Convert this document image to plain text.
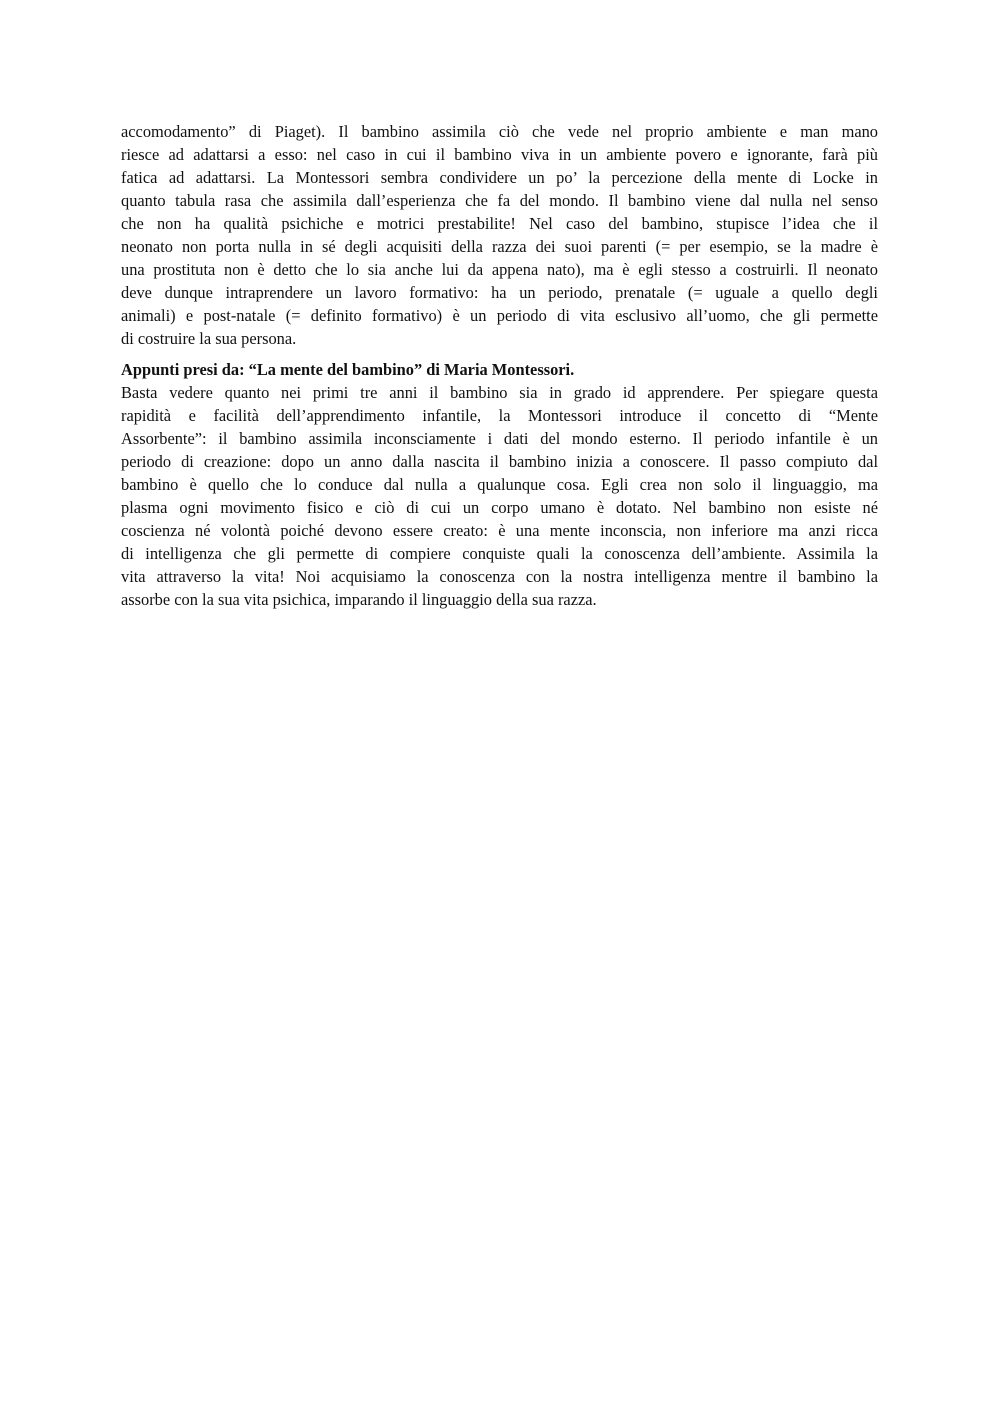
accomodamento” di Piaget). Il bambino assimila ciò che vede nel proprio ambiente e man mano
riesce ad adattarsi a esso: nel caso in cui il bambino viva in un ambiente povero e ignorante, farà più
fatica ad adattarsi. La Montessori sembra condividere un po’ la percezione della mente di Locke in
quanto tabula rasa che assimila dall’esperienza che fa del mondo. Il bambino viene dal nulla nel senso
che non ha qualità psichiche e motrici prestabilite! Nel caso del bambino, stupisce l’idea che il
neonato non porta nulla in sé degli acquisiti della razza dei suoi parenti (= per esempio, se la madre è
una prostituta non è detto che lo sia anche lui da appena nato), ma è egli stesso a costruirli. Il neonato
deve dunque intraprendere un lavoro formativo: ha un periodo, prenatale (= uguale a quello degli
animali) e post-natale (= definito formativo) è un periodo di vita esclusivo all’uomo, che gli permette
di costruire la sua persona.
Appunti presi da: “La mente del bambino” di Maria Montessori.
Basta vedere quanto nei primi tre anni il bambino sia in grado id apprendere. Per spiegare questa
rapidità e facilità dell’apprendimento infantile, la Montessori introduce il concetto di “Mente
Assorbente”: il bambino assimila inconsciamente i dati del mondo esterno. Il periodo infantile è un
periodo di creazione: dopo un anno dalla nascita il bambino inizia a conoscere. Il passo compiuto dal
bambino è quello che lo conduce dal nulla a qualunque cosa. Egli crea non solo il linguaggio, ma
plasma ogni movimento fisico e ciò di cui un corpo umano è dotato. Nel bambino non esiste né
coscienza né volontà poiché devono essere creato: è una mente inconscia, non inferiore ma anzi ricca
di intelligenza che gli permette di compiere conquiste quali la conoscenza dell’ambiente. Assimila la
vita attraverso la vita! Noi acquisiamo la conoscenza con la nostra intelligenza mentre il bambino la
assorbe con la sua vita psichica, imparando il linguaggio della sua razza.
